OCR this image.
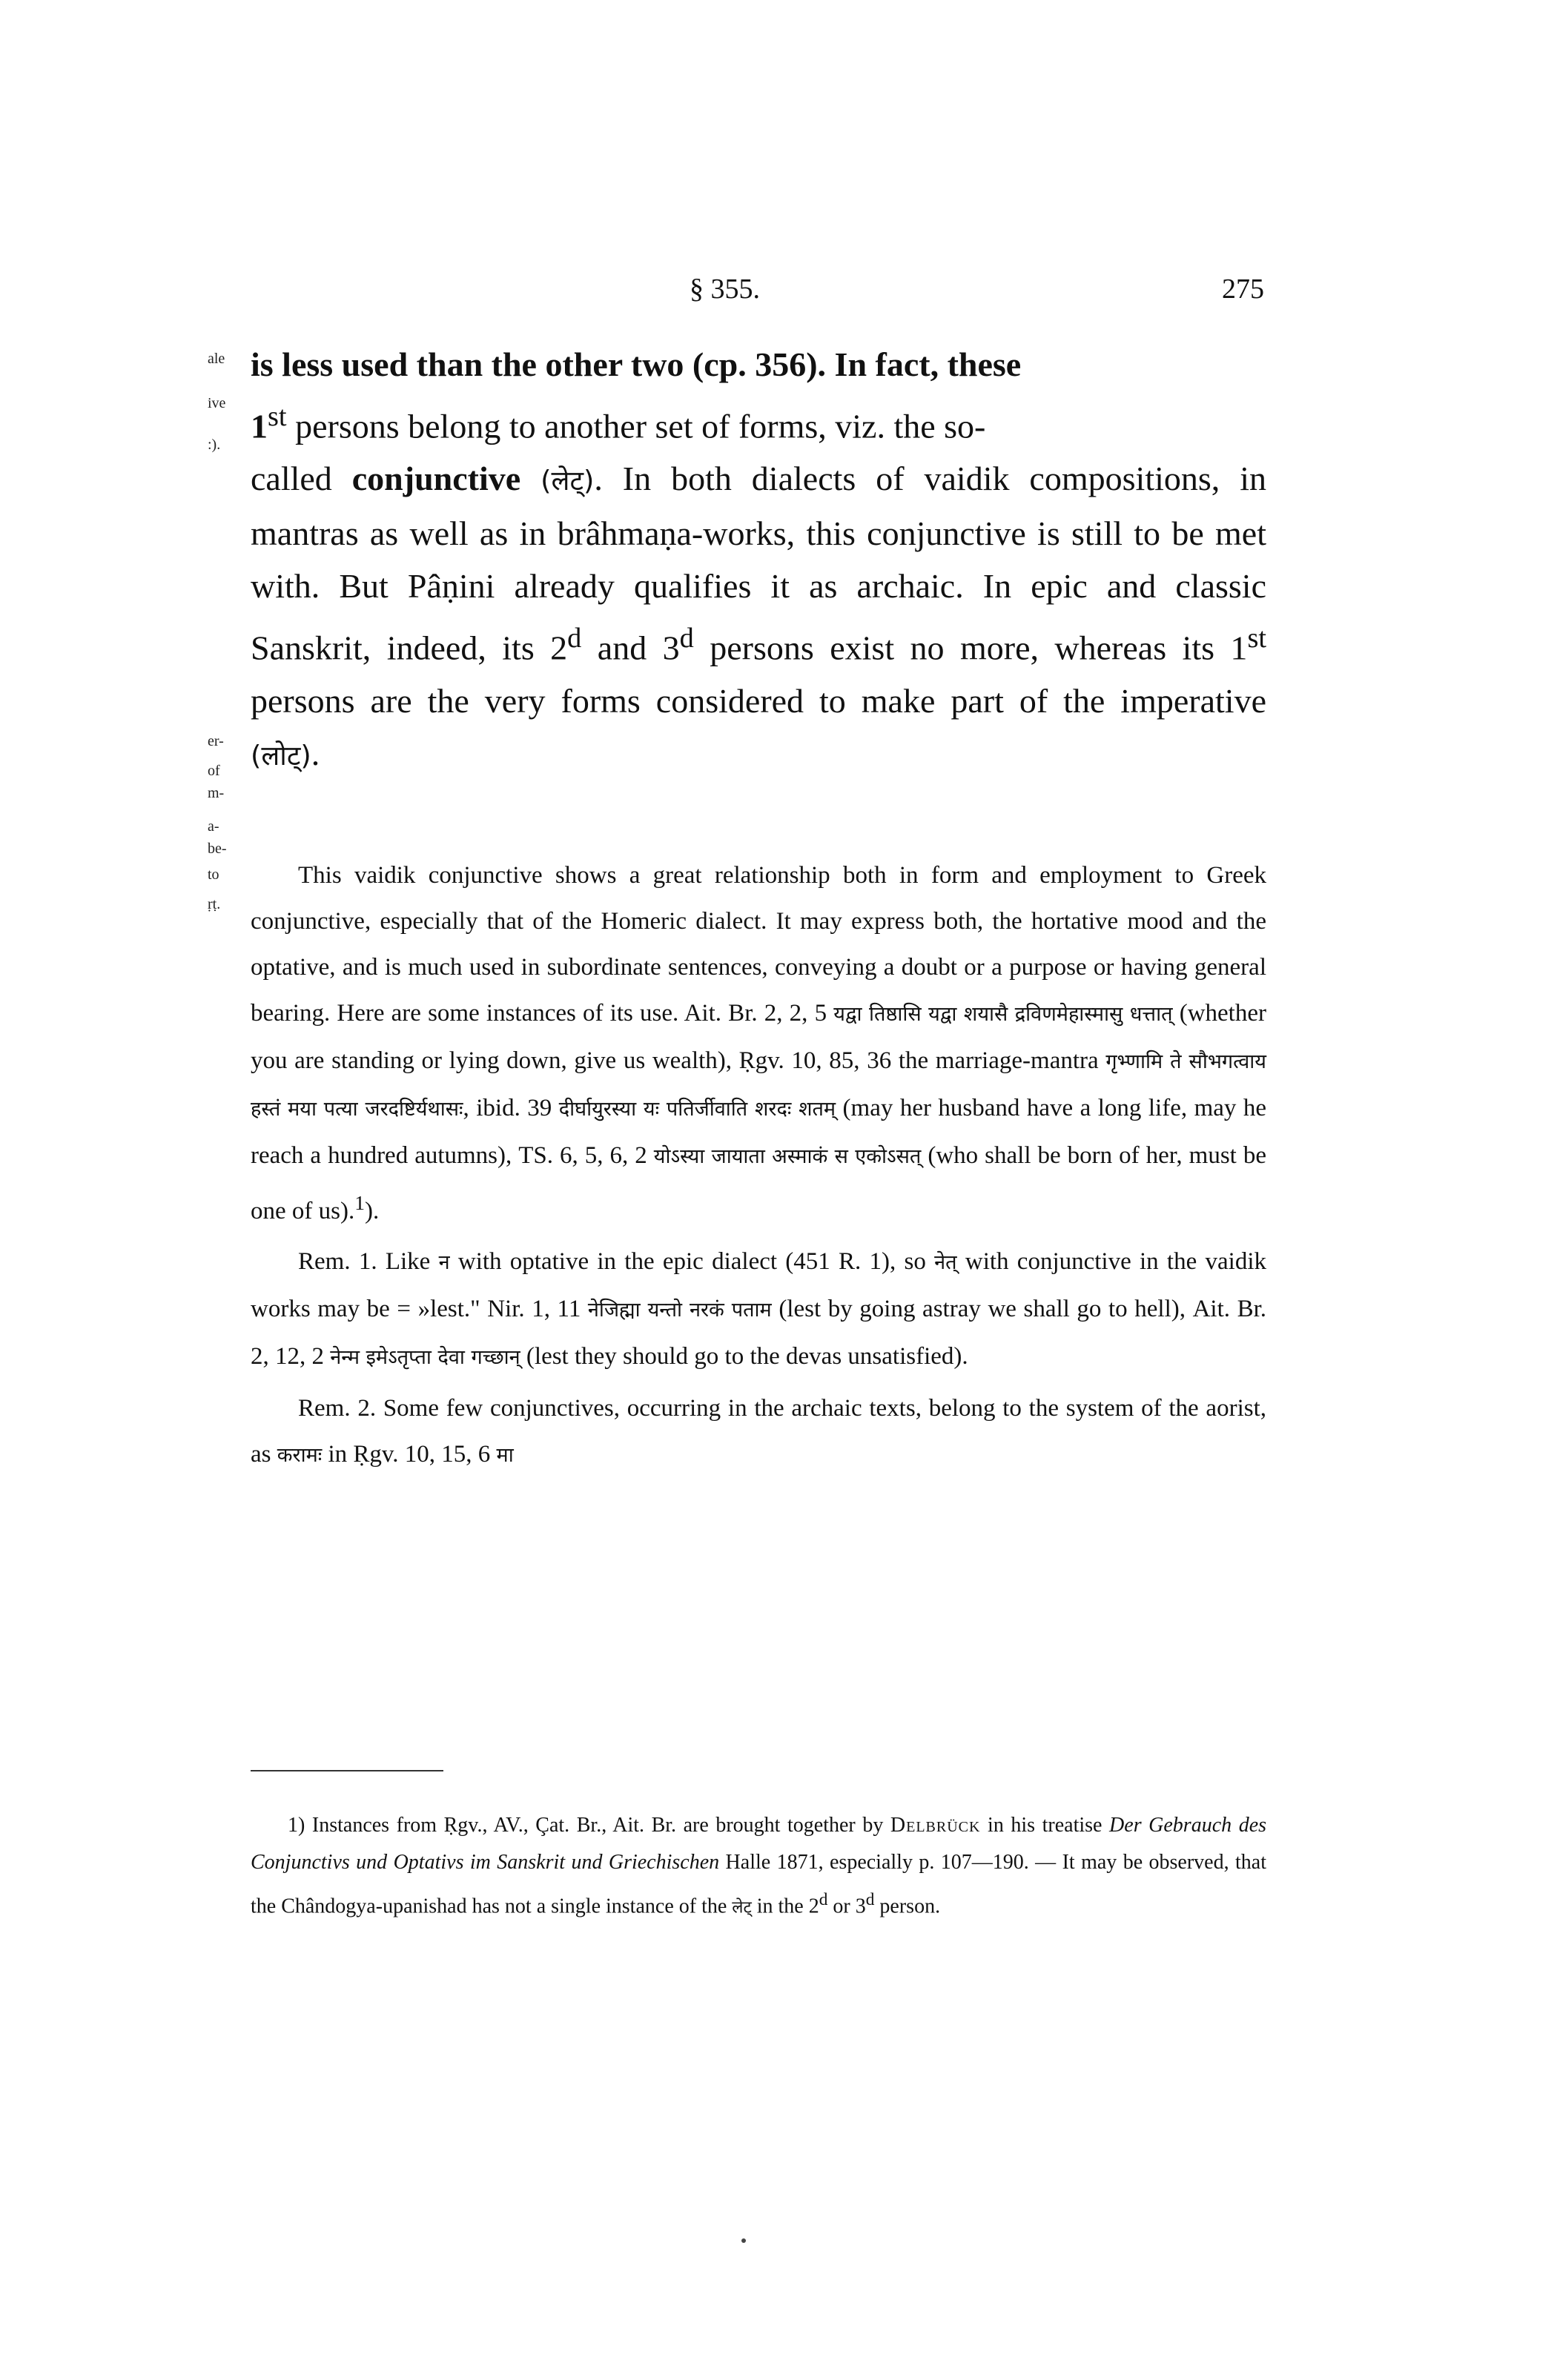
§ 355.	275
ale
ive
:).
er-
of
m-
a-
be-
to
ṛṭ.

is less used than the other two (cp. 356). In fact, these
1st persons belong to another set of forms, viz. the so-
called conjunctive (लेट्). In both dialects of vaidik compositions, in mantras as well as in brâhmaṇa-works, this conjunctive is still to be met with. But Pâṇini already qualifies it as archaic. In epic and classic Sanskrit, indeed, its 2$^d$ and 3$^d$ persons exist no more, whereas its 1st persons are the very forms considered to make part of the imperative (लोट्).

This vaidik conjunctive shows a great relationship both in form and employment to Greek conjunctive, especially that of the Homeric dialect. It may express both, the hortative mood and the optative, and is much used in subordinate sentences, conveying a doubt or a purpose or having general bearing. Here are some instances of its use. Ait. Br. 2, 2, 5 यद्वा तिष्ठासि यद्वा शयासै द्रविणमेहास्मासु धत्तात् (whether you are standing or lying down, give us wealth), Ṛgv. 10, 85, 36 the marriage-mantra गृभ्णामि ते सौभगत्वाय हस्तं मया पत्या जरदष्टिर्यथासः, ibid. 39 दीर्घायुरस्या यः पतिर्जीवाति शरदः शतम् (may her husband have a long life, may he reach a hundred autumns), TS. 6, 5, 6, 2 योऽस्या जायाता अस्माकं स एकोऽसत् (who shall be born of her, must be one of us).$^1$).

Rem. 1. Like न with optative in the epic dialect (451 R. 1), so नेत् with conjunctive in the vaidik works may be = »lest." Nir. 1, 11 नेजिह्मा यन्तो नरकं पताम (lest by going astray we shall go to hell), Ait. Br. 2, 12, 2 नेन्म इमेऽतृप्ता देवा गच्छान् (lest they should go to the devas unsatisfied).

Rem. 2. Some few conjunctives, occurring in the archaic texts, belong to the system of the aorist, as करामः in Ṛgv. 10, 15, 6 मा

1) Instances from Ṛgv., AV., Çat. Br., Ait. Br. are brought together by Delbrück in his treatise Der Gebrauch des Conjunctivs und Optativs im Sanskrit und Griechischen Halle 1871, especially p. 107—190. — It may be observed, that the Chândogya-upanishad has not a single instance of the लेट् in the 2$^d$ or 3$^d$ person.
